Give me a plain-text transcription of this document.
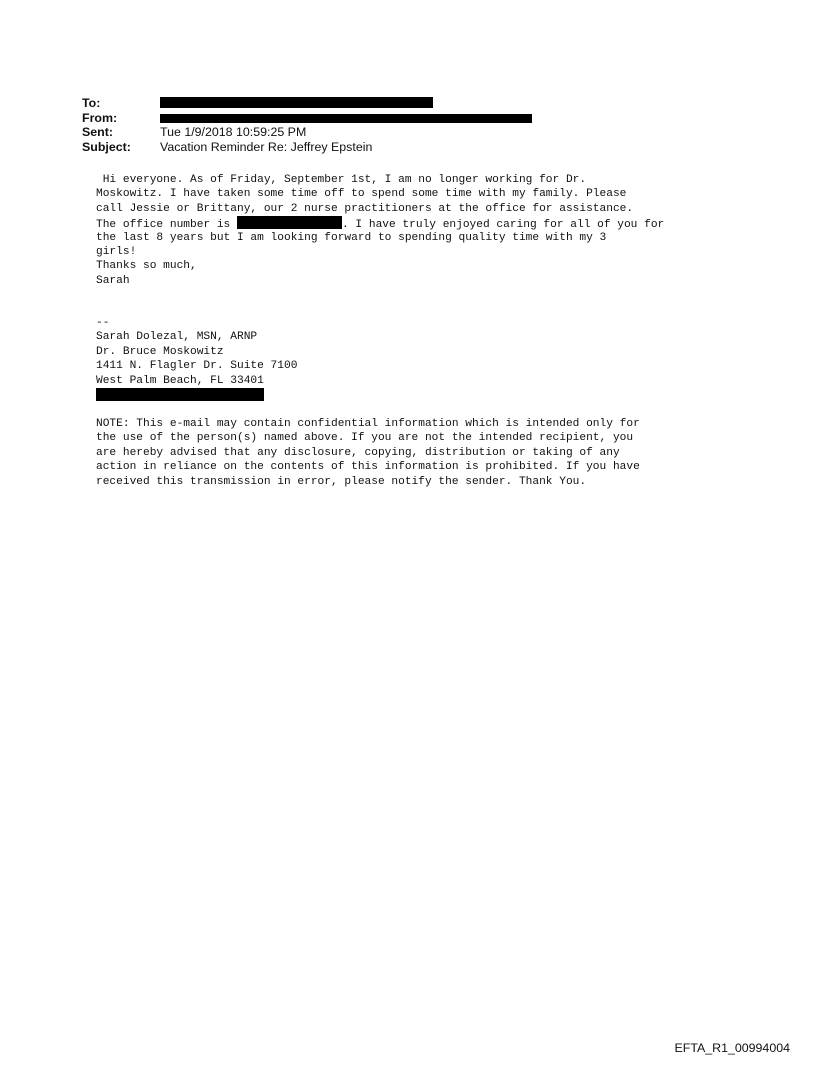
To:
From:
Sent:	Tue 1/9/2018 10:59:25 PM
Subject: Vacation Reminder Re: Jeffrey Epstein
Hi everyone. As of Friday, September 1st, I am no longer working for Dr.
Moskowitz. I have taken some time off to spend some time with my family. Please
call Jessie or Brittany, our 2 nurse practitioners at the office for assistance.
The office number is	. I have truly enjoyed caring for all of you for
the last 8 years but I am looking forward to spending quality time with my 3
girls!
Thanks so much,
Sarah
--
Sarah Dolezal, MSN, ARNP
Dr. Bruce Moskowitz
1411 N. Flagler Dr. Suite 7100
West Palm Beach, FL 33401
NOTE: This e-mail may contain confidential information which is intended only for
the use of the person(s) named above. If you are not the intended recipient, you
are hereby advised that any disclosure, copying, distribution or taking of any
action in reliance on the contents of this information is prohibited. If you have
received this transmission in error, please notify the sender. Thank You.
EFTA_R1_00994004
